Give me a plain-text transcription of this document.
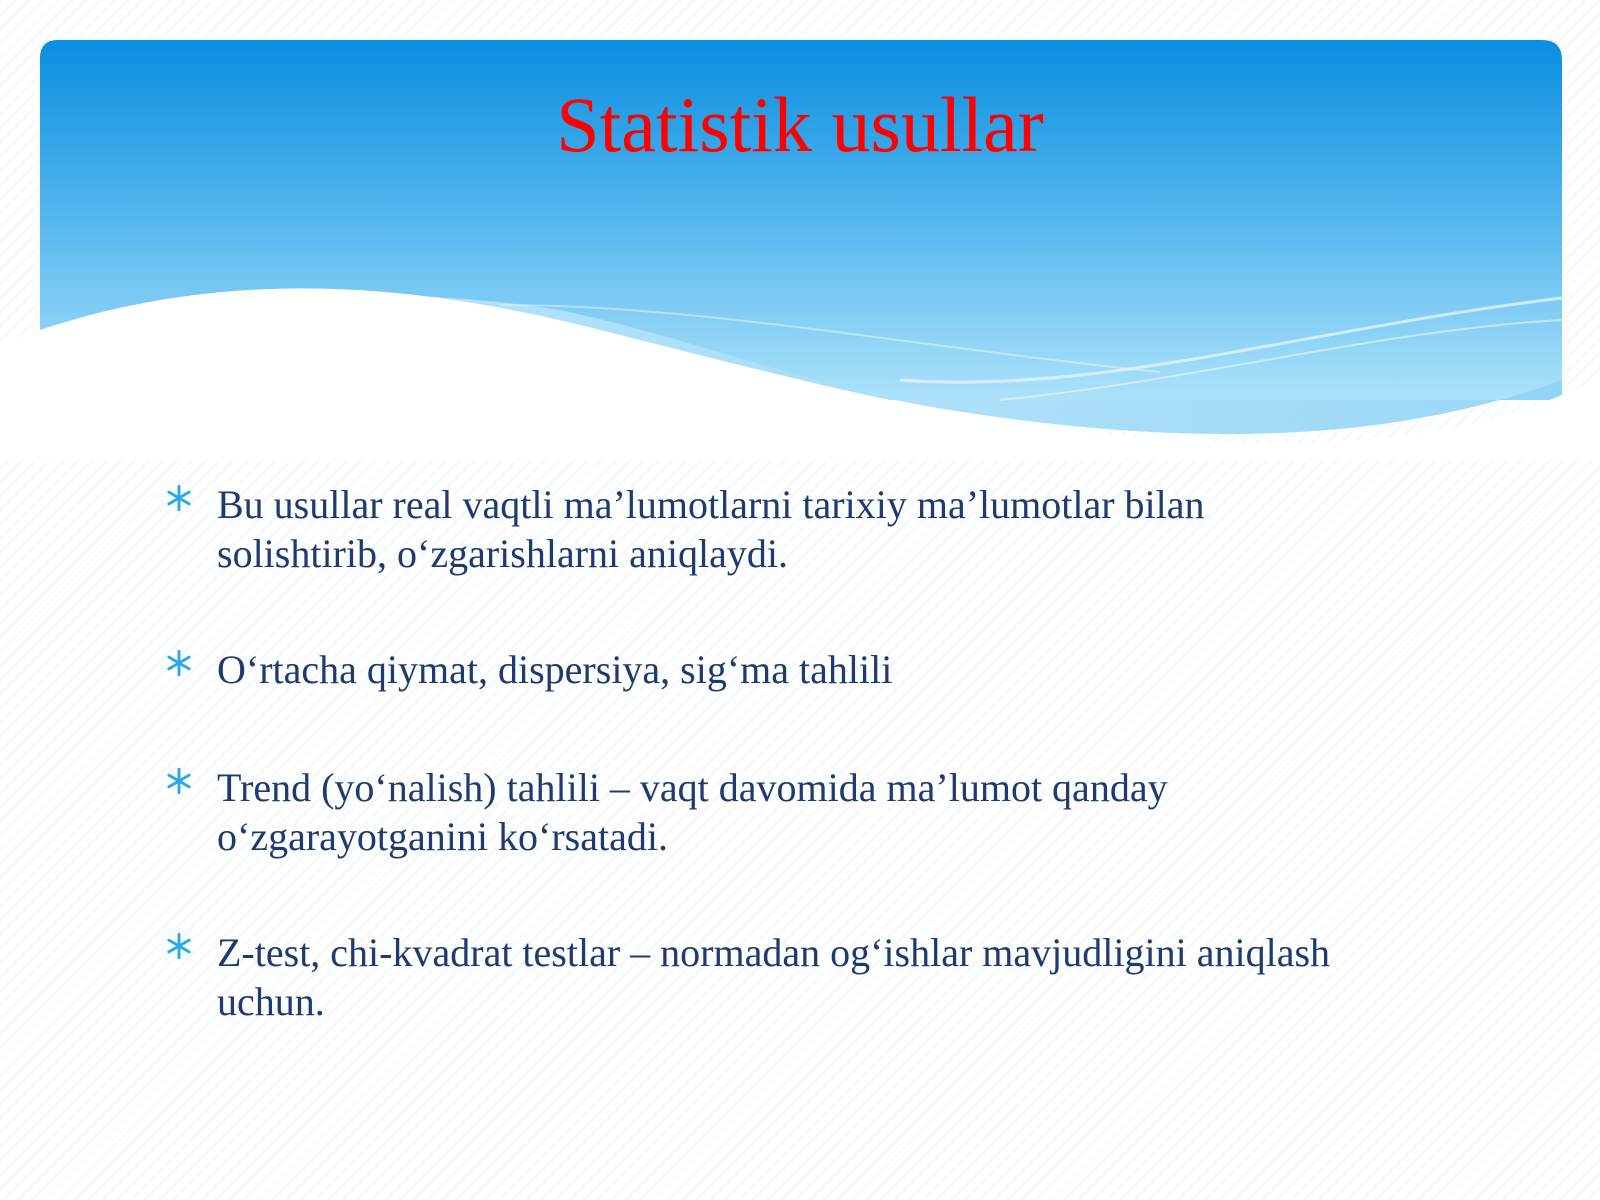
Statistik usullar
Bu usullar real vaqtli ma’lumotlarni tarixiy ma’lumotlar bilan solishtirib, o‘zgarishlarni aniqlaydi.
O‘rtacha qiymat, dispersiya, sig‘ma tahlili
Trend (yo‘nalish) tahlili – vaqt davomida ma’lumot qanday o‘zgarayotganini ko‘rsatadi.
Z-test, chi-kvadrat testlar – normadan og‘ishlar mavjudligini aniqlash uchun.
